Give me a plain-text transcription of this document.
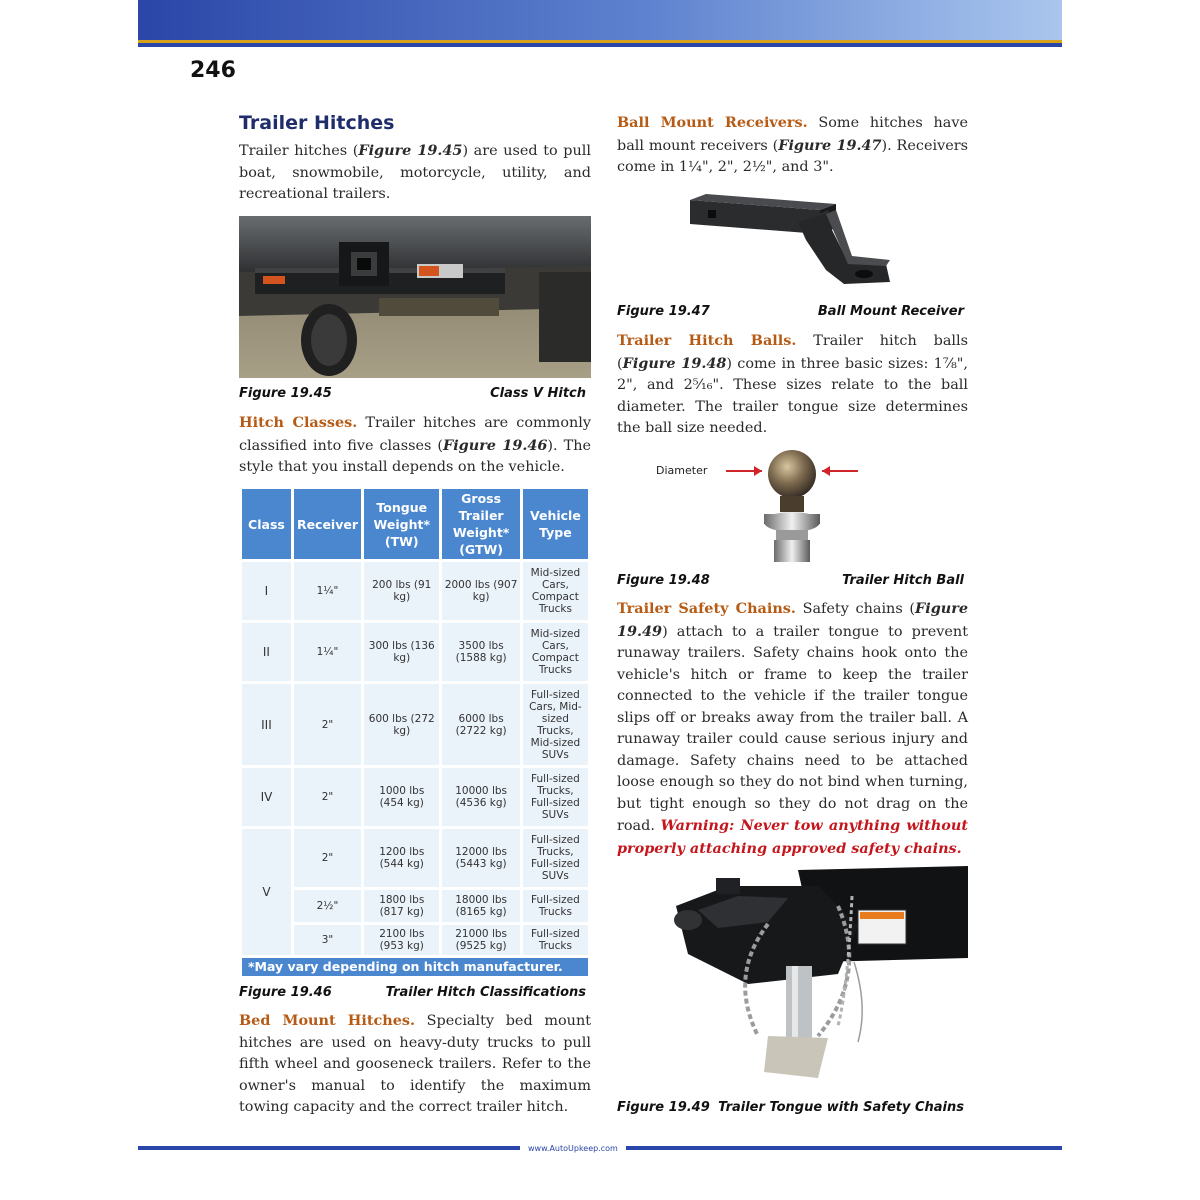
246
Trailer Hitches
Trailer hitches (Figure 19.45) are used to pull boat, snowmobile, motorcycle, utility, and recreational trailers.
Figure 19.45	Class V Hitch
Hitch Classes. Trailer hitches are commonly classified into five classes (Figure 19.46). The style that you install depends on the vehicle.
Class	Receiver	Tongue Weight* (TW)	Gross Trailer Weight* (GTW)	Vehicle Type
I	1¼"	200 lbs (91 kg)	2000 lbs (907 kg)	Mid-sized Cars, Compact Trucks
II	1¼"	300 lbs (136 kg)	3500 lbs (1588 kg)	Mid-sized Cars, Compact Trucks
III	2"	600 lbs (272 kg)	6000 lbs (2722 kg)	Full-sized Cars, Mid-sized Trucks, Mid-sized SUVs
IV	2"	1000 lbs (454 kg)	10000 lbs (4536 kg)	Full-sized Trucks, Full-sized SUVs
V	2"	1200 lbs (544 kg)	12000 lbs (5443 kg)	Full-sized Trucks, Full-sized SUVs
	2½"	1800 lbs (817 kg)	18000 lbs (8165 kg)	Full-sized Trucks
	3"	2100 lbs (953 kg)	21000 lbs (9525 kg)	Full-sized Trucks
*May vary depending on hitch manufacturer.
Figure 19.46	Trailer Hitch Classifications
Bed Mount Hitches. Specialty bed mount hitches are used on heavy-duty trucks to pull fifth wheel and gooseneck trailers. Refer to the owner's manual to identify the maximum towing capacity and the correct trailer hitch.
Ball Mount Receivers. Some hitches have ball mount receivers (Figure 19.47). Receivers come in 1¼", 2", 2½", and 3".
Figure 19.47	Ball Mount Receiver
Trailer Hitch Balls. Trailer hitch balls (Figure 19.48) come in three basic sizes: 1⅞", 2", and 2⁵⁄₁₆". These sizes relate to the ball diameter. The trailer tongue size determines the ball size needed.
Diameter
Figure 19.48	Trailer Hitch Ball
Trailer Safety Chains. Safety chains (Figure 19.49) attach to a trailer tongue to prevent runaway trailers. Safety chains hook onto the vehicle's hitch or frame to keep the trailer connected to the vehicle if the trailer tongue slips off or breaks away from the trailer ball. A runaway trailer could cause serious injury and damage. Safety chains need to be attached loose enough so they do not bind when turning, but tight enough so they do not drag on the road. Warning: Never tow anything without properly attaching approved safety chains.
Figure 19.49 Trailer Tongue with Safety Chains
www.AutoUpkeep.com
